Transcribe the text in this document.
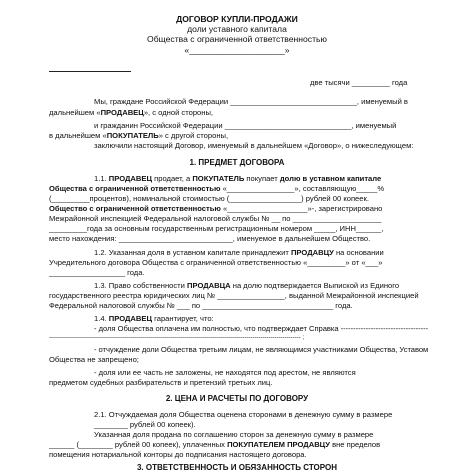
ДОГОВОР КУПЛИ-ПРОДАЖИ
доли уставного капитала
Общества с ограниченной ответственностью
«____________________»
две тысячи _________ года
Мы, граждане Российской Федерации ______________________________, именуемый в
дальнейшем «ПРОДАВЕЦ», с одной стороны,
и гражданин Российской Федерации ______________________________, именуемый
в дальнейшем «ПОКУПАТЕЛЬ» с другой стороны,
заключили настоящий Договор, именуемый в дальнейшем «Договор», о нижеследующем:
1. ПРЕДМЕТ ДОГОВОРА
1.1. ПРОДАВЕЦ продает, а ПОКУПАТЕЛЬ покупает долю в уставном капитале
Общества с ограниченной ответственностью «________________», составляющую_____%
(_________процентов), номинальной стоимостью (_________________) рублей 00 копеек.
Общество с ограниченной ответственностью «___________________»-, зарегистрировано
Межрайонной инспекцией Федеральной налоговой службы № __ по _____________________
_________года за основным государственным регистрационным номером _____, ИНН______,
место нахождения: ___________________________, именуемое в дальнейшем Общество.
1.2. Указанная доля в уставном капитале принадлежит ПРОДАВЦУ на основании
Учредительного договора Общества с ограниченной ответственностью «_________» от «___»
__________________ года.
1.3. Право собственности ПРОДАВЦА на долю подтверждается Выпиской из Единого
государственного реестра юридических лиц № ________________, выданной Межрайонной инспекцией
Федеральной налоговой службы № ___ по _______________________________ года.
1.4. ПРОДАВЕЦ гарантирует, что:
- доля Общества оплачена им полностью, что подтверждает Справка -----------------------------------
------------------------------------------------------------------------------------------------------------------------------ ;
- отчуждение доли Общества третьим лицам, не являющимся участниками Общества, Уставом
Общества не запрещено;
- доля или ее часть не заложены, не находятся под арестом, не являются
предметом судебных разбирательств и претензий третьих лиц.
2. ЦЕНА И РАСЧЕТЫ ПО ДОГОВОРУ
2.1. Отчуждаемая доля Общества оценена сторонами в денежную сумму в размере
________ рублей 00 копеек).
Указанная доля продана по соглашению сторон за денежную сумму в размере
______ (________ рублей 00 копеек), уплаченных ПОКУПАТЕЛЕМ ПРОДАВЦУ вне пределов
помещения нотариальной конторы до подписания настоящего договора.
3. ОТВЕТСТВЕННОСТЬ И ОБЯЗАННОСТЬ СТОРОН
